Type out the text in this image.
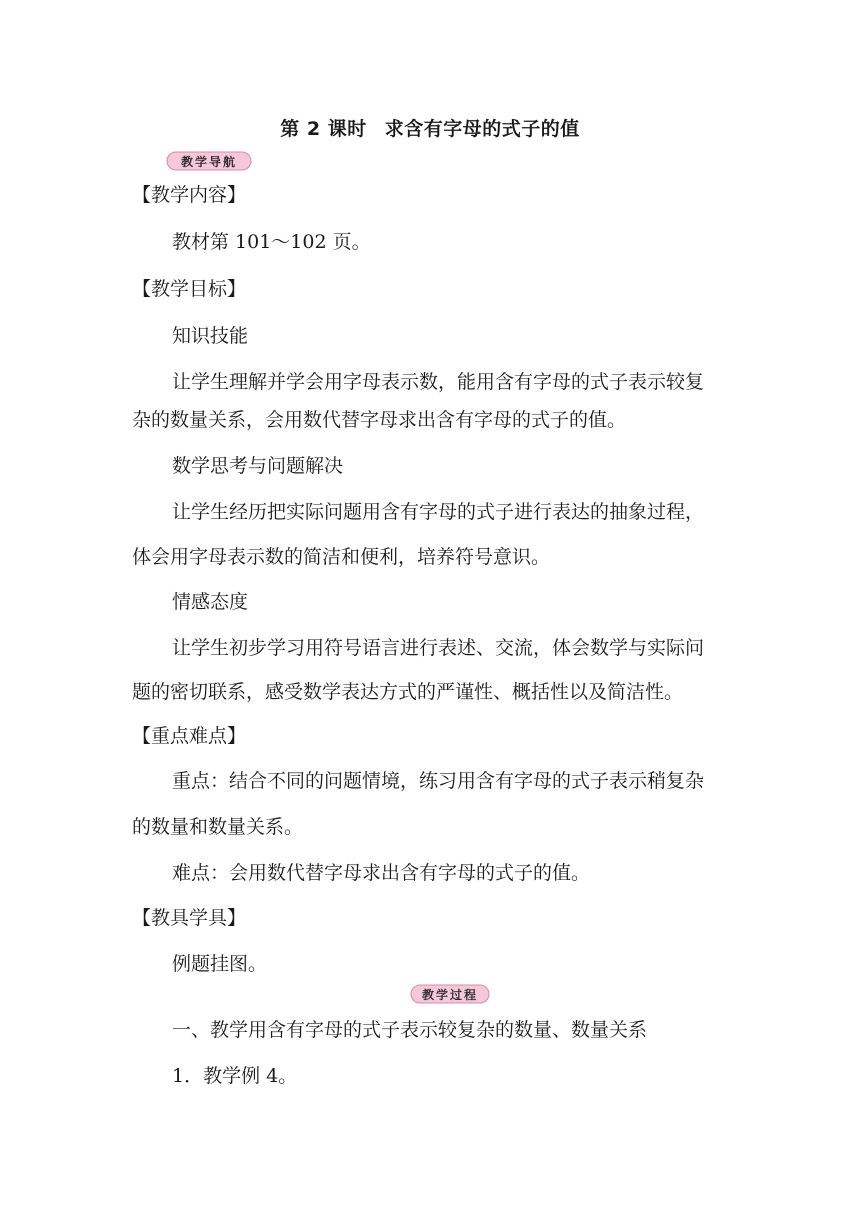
第 2 课时 求含有字母的式子的值
教学导航
【教学内容】
教材第 101～102 页。
【教学目标】
知识技能
让学生理解并学会用字母表示数，能用含有字母的式子表示较复
杂的数量关系，会用数代替字母求出含有字母的式子的值。
数学思考与问题解决
让学生经历把实际问题用含有字母的式子进行表达的抽象过程，
体会用字母表示数的简洁和便利，培养符号意识。
情感态度
让学生初步学习用符号语言进行表述、交流，体会数学与实际问
题的密切联系，感受数学表达方式的严谨性、概括性以及简洁性。
【重点难点】
重点：结合不同的问题情境，练习用含有字母的式子表示稍复杂
的数量和数量关系。
难点：会用数代替字母求出含有字母的式子的值。
【教具学具】
例题挂图。
教学过程
一、教学用含有字母的式子表示较复杂的数量、数量关系
1．教学例 4。
